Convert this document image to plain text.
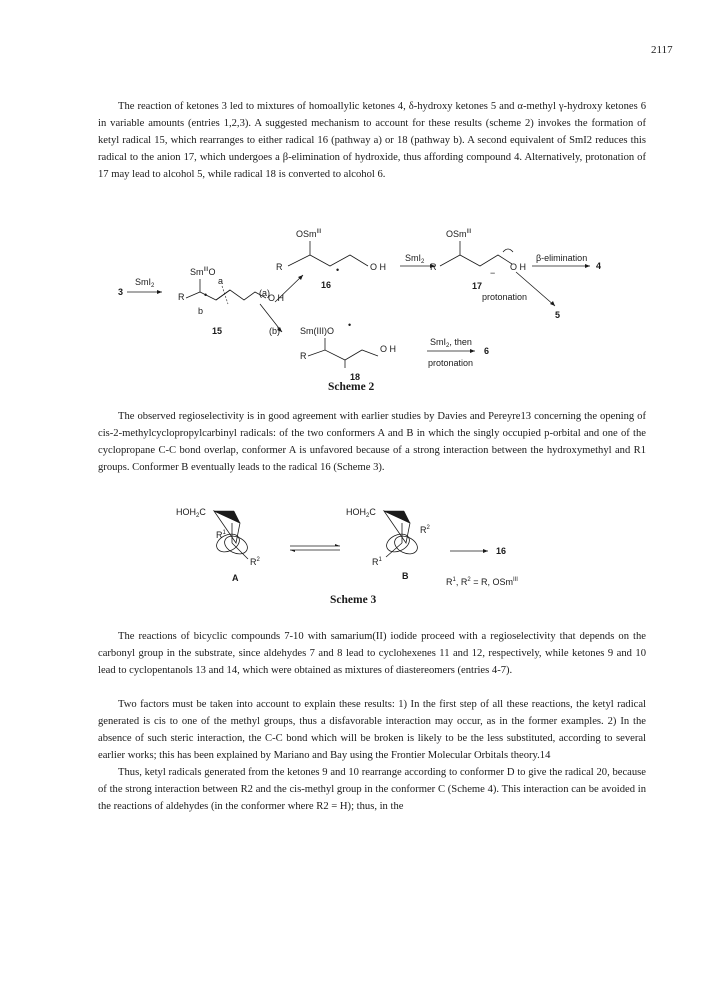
2117

The reaction of ketones 3 led to mixtures of homoallylic ketones 4, δ-hydroxy ketones 5 and α-methyl γ-hydroxy ketones 6 in variable amounts (entries 1,2,3). A suggested mechanism to account for these results (scheme 2) invokes the formation of ketyl radical 15, which rearranges to either radical 16 (pathway a) or 18 (pathway b). A second equivalent of SmI2 reduces this radical to the anion 17, which undergoes a β-elimination of hydroxide, thus affording compound 4. Alternatively, protonation of 17 may lead to alcohol 5, while radical 18 is converted to alcohol 6.

OSm$^{III}$
R	O H
•
SmI$_2$
OSm$^{III}$
R	O H
−
β-elimination
4
16	17
(a)
SmI$_2$
3
$Sm^{III}O$
a
R •	O H
b
15
protonation
5
(b) Sm(III)O
•
R
O H
SmI$_2$, then
6
protonation
18
Scheme 2

The observed regioselectivity is in good agreement with earlier studies by Davies and Pereyre13 concerning the opening of cis-2-methylcyclopropylcarbinyl radicals: of the two conformers A and B in which the singly occupied p-orbital and one of the cyclopropane C-C bond overlap, conformer A is unfavored because of a strong interaction between the hydroxymethyl and R1 groups. Conformer B eventually leads to the radical 16 (Scheme 3).

$HOH_2C$
$R^1$
$R^2$
A
$HOH_2C$
$R^2$
$R^1$
B
16
$R^1$, $R^2 = R$, OSm$^{III}$
Scheme 3

The reactions of bicyclic compounds 7-10 with samarium(II) iodide proceed with a regioselectivity that depends on the carbonyl group in the substrate, since aldehydes 7 and 8 lead to cyclohexenes 11 and 12, respectively, while ketones 9 and 10 lead to cyclopentanols 13 and 14, which were obtained as mixtures of diastereomers (entries 4-7).

Two factors must be taken into account to explain these results: 1) In the first step of all these reactions, the ketyl radical generated is cis to one of the methyl groups, thus a disfavorable interaction may occur, as in the former examples. 2) In the absence of such steric interaction, the C-C bond which will be broken is likely to be the less substituted, according to several earlier works; this has been explained by Mariano and Bay using the Frontier Molecular Orbitals theory.14

Thus, ketyl radicals generated from the ketones 9 and 10 rearrange according to conformer D to give the radical 20, because of the strong interaction between R2 and the cis-methyl group in the conformer C (Scheme 4). This interaction can be avoided in the reactions of aldehydes (in the conformer where R2 = H); thus, in the
